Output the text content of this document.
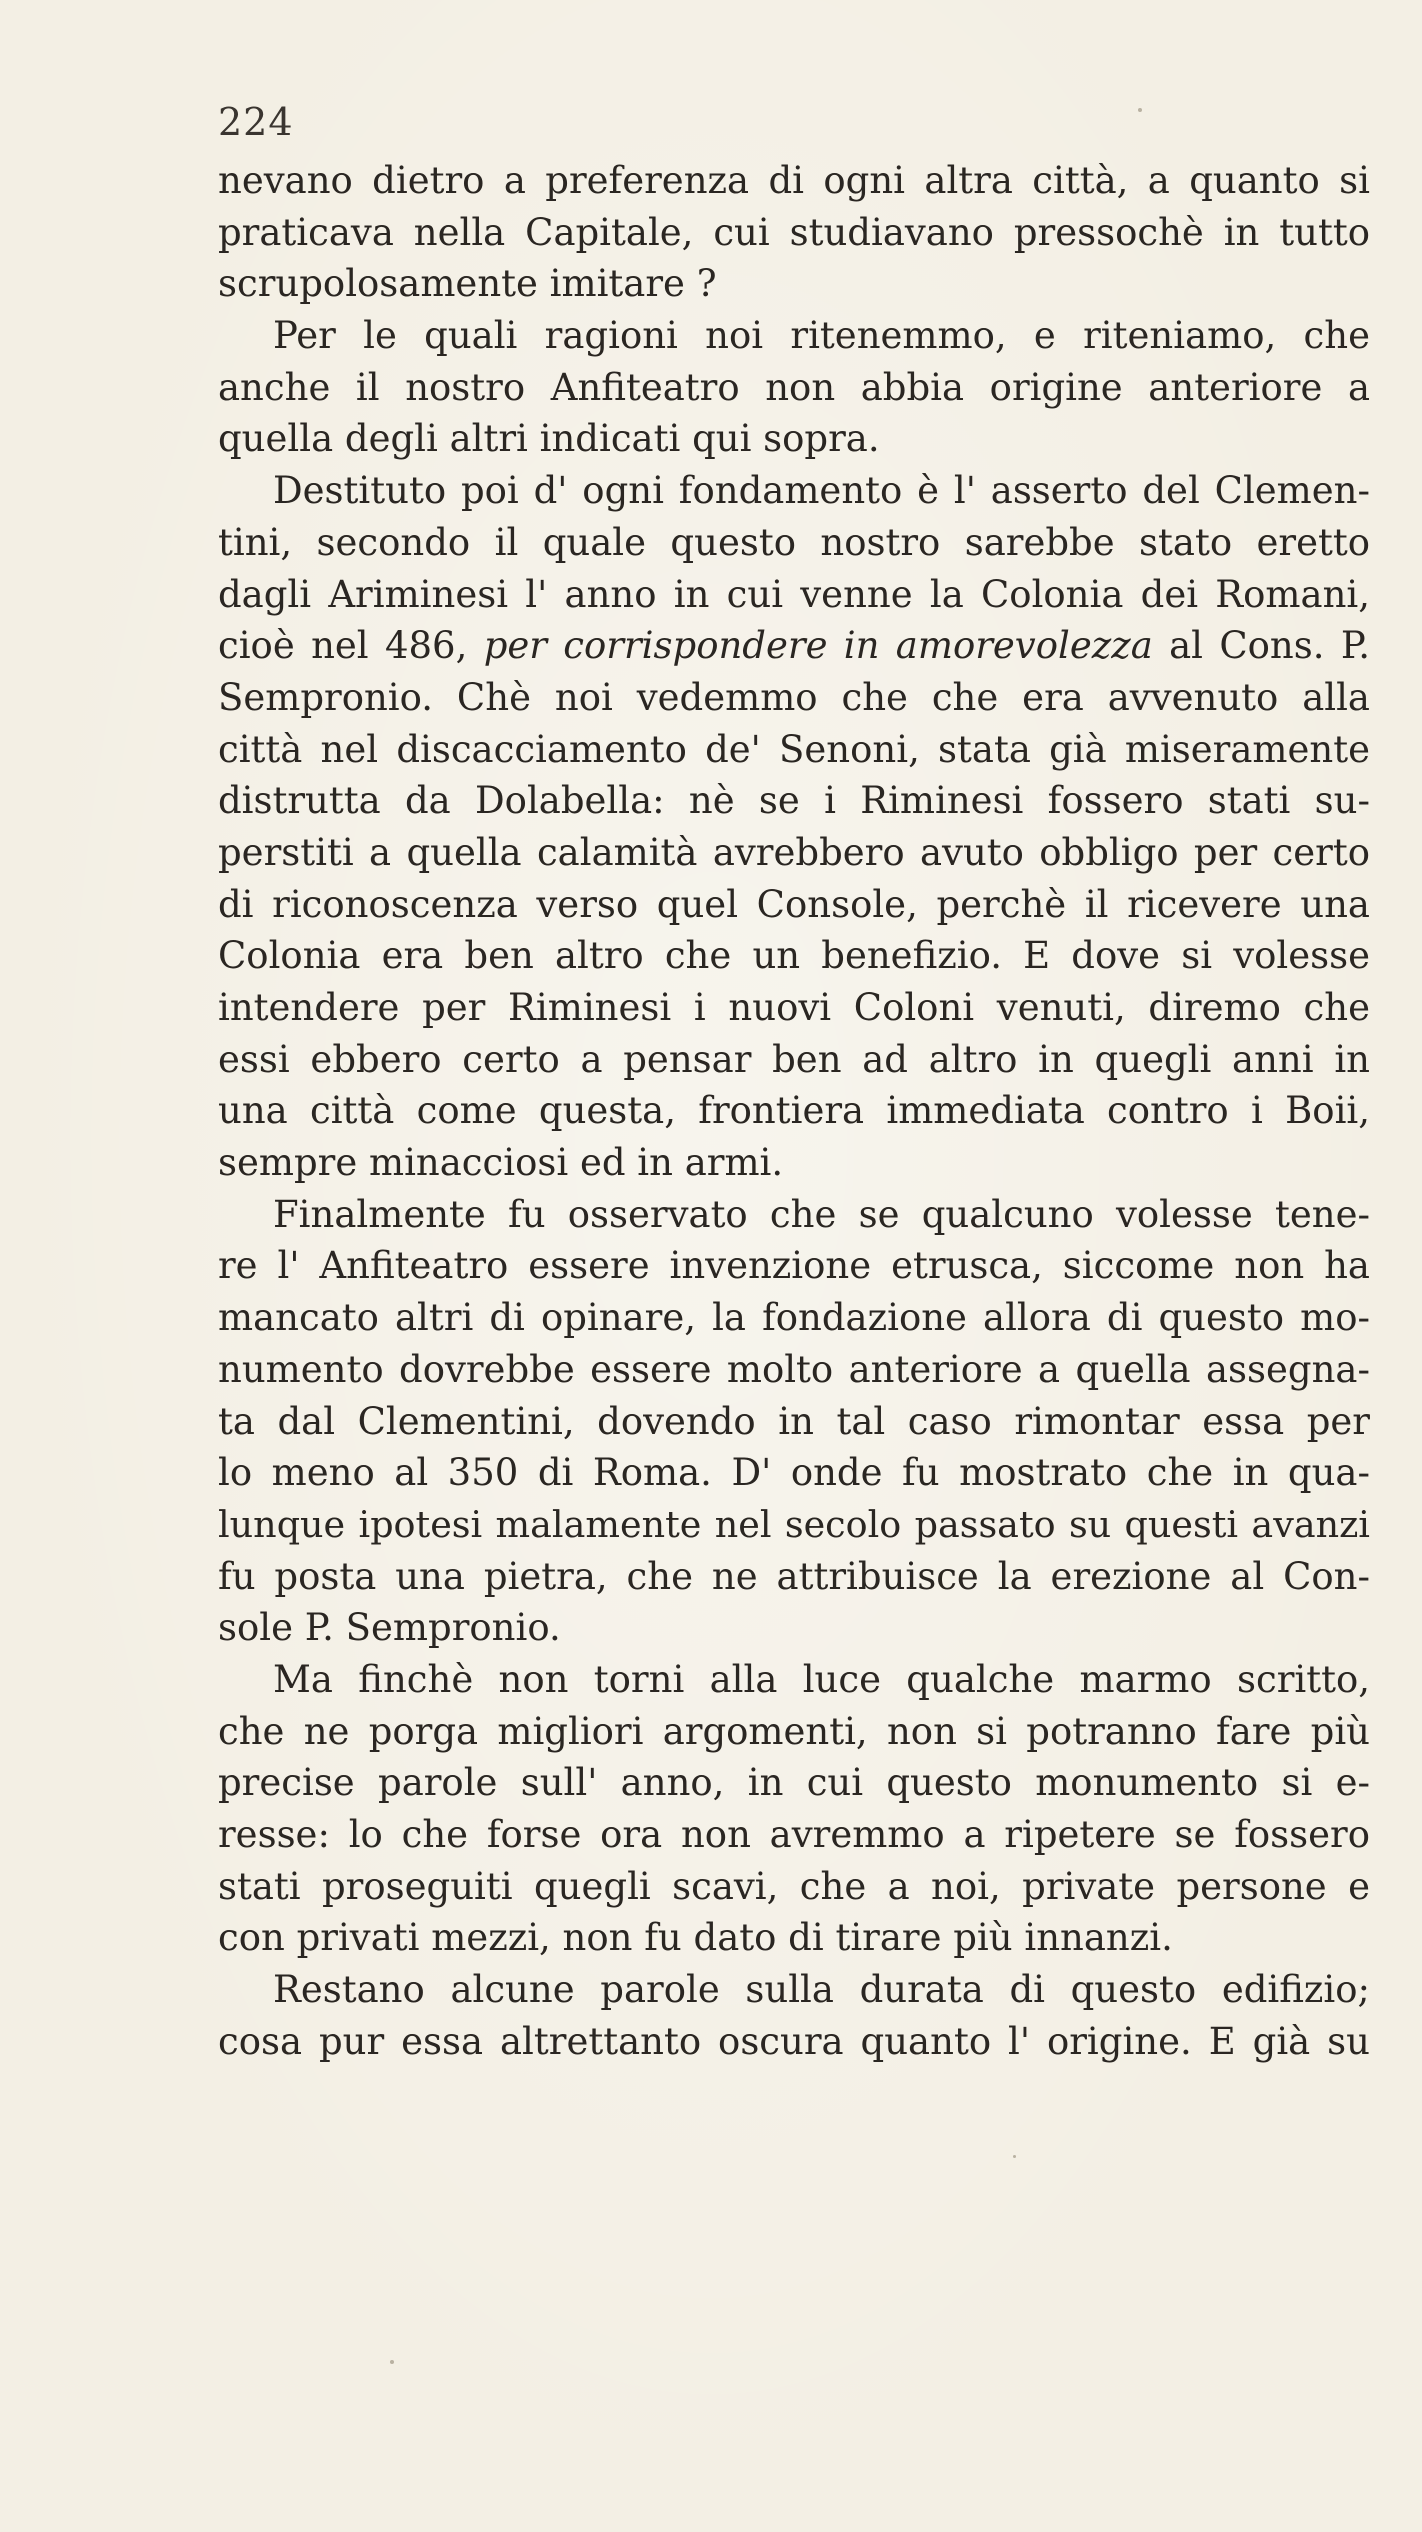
224
nevano dietro a preferenza di ogni altra città, a quanto si
praticava nella Capitale, cui studiavano pressochè in tutto
scrupolosamente imitare ?
Per le quali ragioni noi ritenemmo, e riteniamo, che
anche il nostro Anfiteatro non abbia origine anteriore a
quella degli altri indicati qui sopra.
Destituto poi d' ogni fondamento è l' asserto del Clemen-
tini, secondo il quale questo nostro sarebbe stato eretto
dagli Ariminesi l' anno in cui venne la Colonia dei Romani,
cioè nel 486, per corrispondere in amorevolezza al Cons. P.
Sempronio. Chè noi vedemmo che che era avvenuto alla
città nel discacciamento de' Senoni, stata già miseramente
distrutta da Dolabella: nè se i Riminesi fossero stati su-
perstiti a quella calamità avrebbero avuto obbligo per certo
di riconoscenza verso quel Console, perchè il ricevere una
Colonia era ben altro che un benefizio. E dove si volesse
intendere per Riminesi i nuovi Coloni venuti, diremo che
essi ebbero certo a pensar ben ad altro in quegli anni in
una città come questa, frontiera immediata contro i Boii,
sempre minacciosi ed in armi.
Finalmente fu osservato che se qualcuno volesse tene-
re l' Anfiteatro essere invenzione etrusca, siccome non ha
mancato altri di opinare, la fondazione allora di questo mo-
numento dovrebbe essere molto anteriore a quella assegna-
ta dal Clementini, dovendo in tal caso rimontar essa per
lo meno al 350 di Roma. D' onde fu mostrato che in qua-
lunque ipotesi malamente nel secolo passato su questi avanzi
fu posta una pietra, che ne attribuisce la erezione al Con-
sole P. Sempronio.
Ma finchè non torni alla luce qualche marmo scritto,
che ne porga migliori argomenti, non si potranno fare più
precise parole sull' anno, in cui questo monumento si e-
resse: lo che forse ora non avremmo a ripetere se fossero
stati proseguiti quegli scavi, che a noi, private persone e
con privati mezzi, non fu dato di tirare più innanzi.
Restano alcune parole sulla durata di questo edifizio;
cosa pur essa altrettanto oscura quanto l' origine. E già su
